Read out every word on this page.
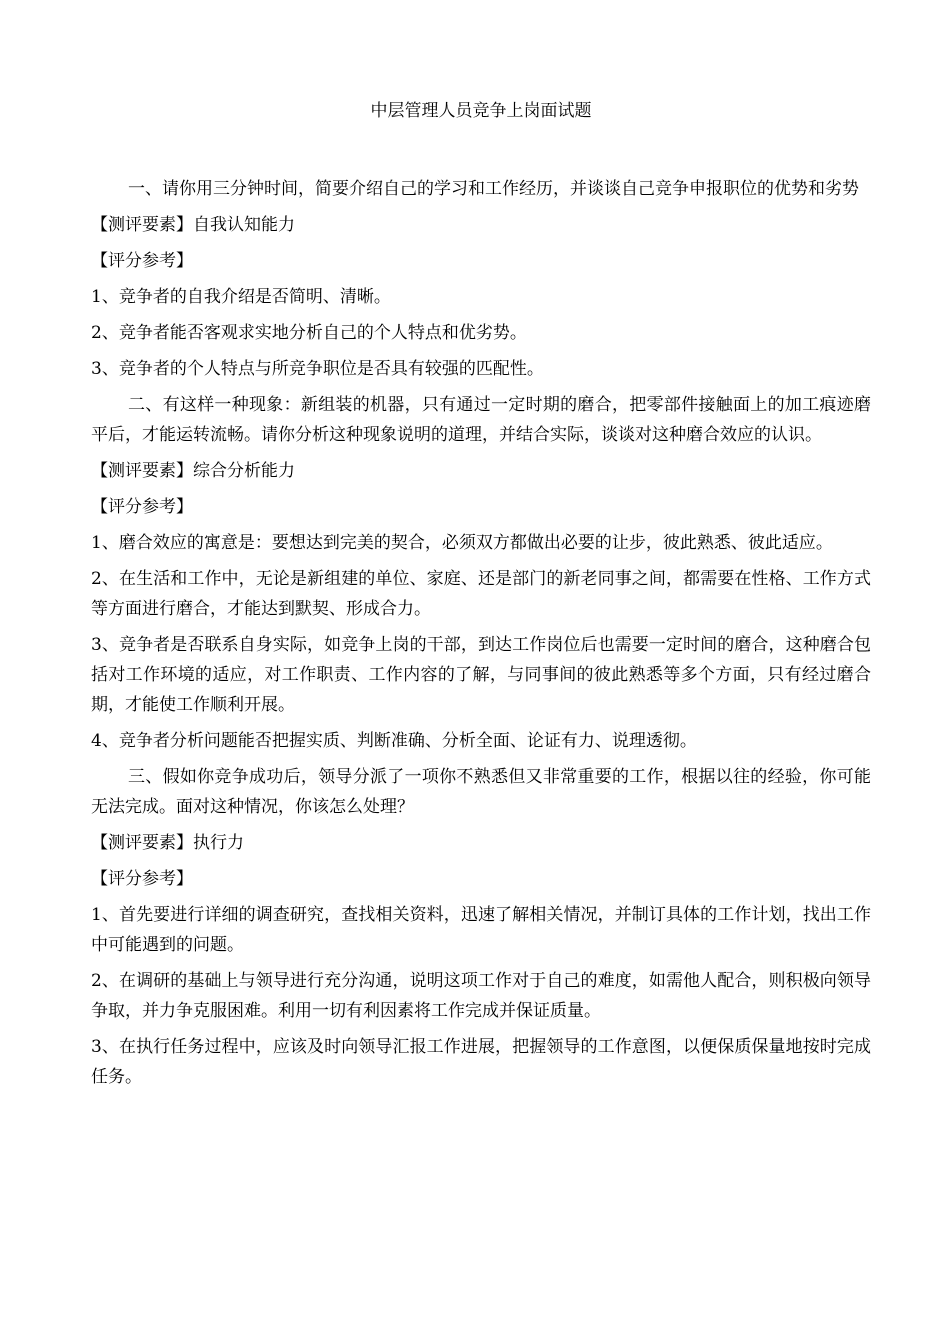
中层管理人员竞争上岗面试题

一、请你用三分钟时间，简要介绍自己的学习和工作经历，并谈谈自己竞争申报职位的优势和劣势

【测评要素】自我认知能力

【评分参考】

1、竞争者的自我介绍是否简明、清晰。

2、竞争者能否客观求实地分析自己的个人特点和优劣势。

3、竞争者的个人特点与所竞争职位是否具有较强的匹配性。

二、有这样一种现象：新组装的机器，只有通过一定时期的磨合，把零部件接触面上的加工痕迹磨平后，才能运转流畅。请你分析这种现象说明的道理，并结合实际，谈谈对这种磨合效应的认识。

【测评要素】综合分析能力

【评分参考】

1、磨合效应的寓意是：要想达到完美的契合，必须双方都做出必要的让步，彼此熟悉、彼此适应。

2、在生活和工作中，无论是新组建的单位、家庭、还是部门的新老同事之间，都需要在性格、工作方式等方面进行磨合，才能达到默契、形成合力。

3、竞争者是否联系自身实际，如竞争上岗的干部，到达工作岗位后也需要一定时间的磨合，这种磨合包括对工作环境的适应，对工作职责、工作内容的了解，与同事间的彼此熟悉等多个方面，只有经过磨合期，才能使工作顺利开展。

4、竞争者分析问题能否把握实质、判断准确、分析全面、论证有力、说理透彻。

三、假如你竞争成功后，领导分派了一项你不熟悉但又非常重要的工作，根据以往的经验，你可能无法完成。面对这种情况，你该怎么处理？

【测评要素】执行力

【评分参考】

1、首先要进行详细的调查研究，查找相关资料，迅速了解相关情况，并制订具体的工作计划，找出工作中可能遇到的问题。

2、在调研的基础上与领导进行充分沟通，说明这项工作对于自己的难度，如需他人配合，则积极向领导争取，并力争克服困难。利用一切有利因素将工作完成并保证质量。

3、在执行任务过程中，应该及时向领导汇报工作进展，把握领导的工作意图，以便保质保量地按时完成任务。
